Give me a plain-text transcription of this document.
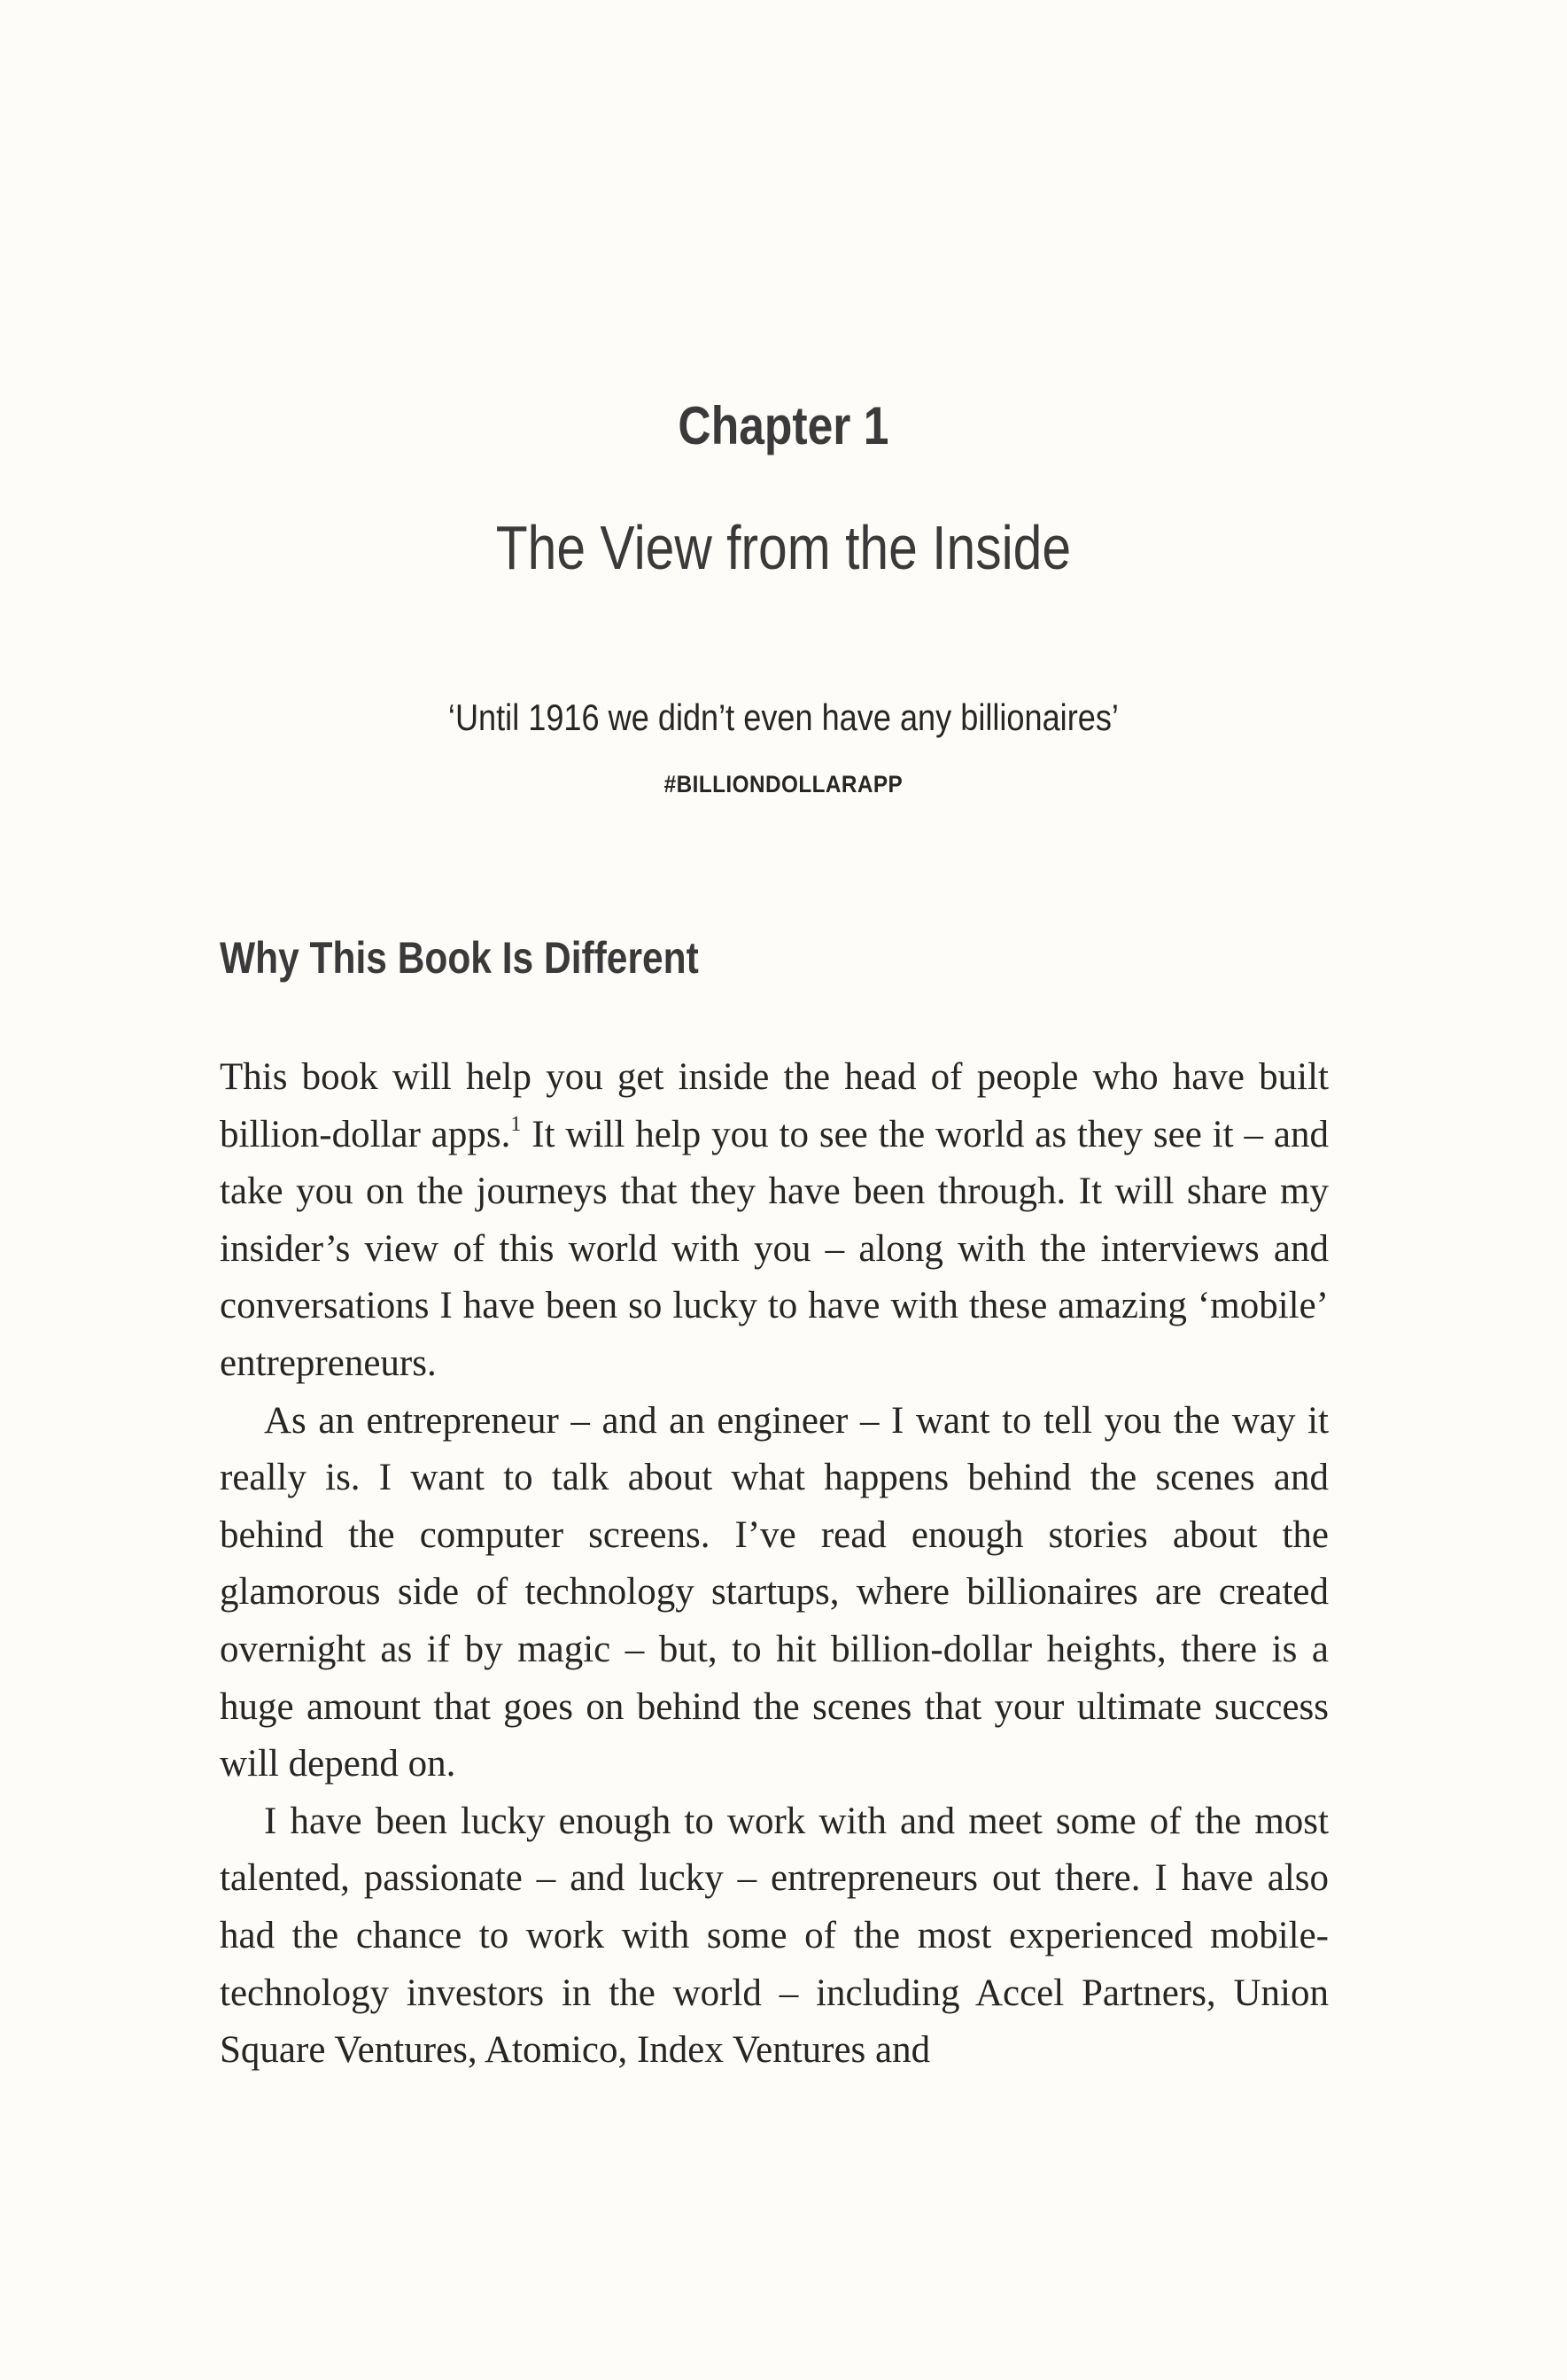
Chapter 1
The View from the Inside
‘Until 1916 we didn’t even have any billionaires’
#BILLIONDOLLARAPP
Why This Book Is Different

This book will help you get inside the head of people who have built billion-dollar apps.$^1$ It will help you to see the world as they see it – and take you on the journeys that they have been through. It will share my insider’s view of this world with you – along with the interviews and conversations I have been so lucky to have with these amazing ‘mobile’ entrepreneurs.

As an entrepreneur – and an engineer – I want to tell you the way it really is. I want to talk about what happens behind the scenes and behind the computer screens. I’ve read enough stories about the glamorous side of technology startups, where billionaires are created overnight as if by magic – but, to hit billion-dollar heights, there is a huge amount that goes on behind the scenes that your ultimate success will depend on.

I have been lucky enough to work with and meet some of the most talented, passionate – and lucky – entrepreneurs out there. I have also had the chance to work with some of the most experienced mobile-technology investors in the world – including Accel Partners, Union Square Ventures, Atomico, Index Ventures and
